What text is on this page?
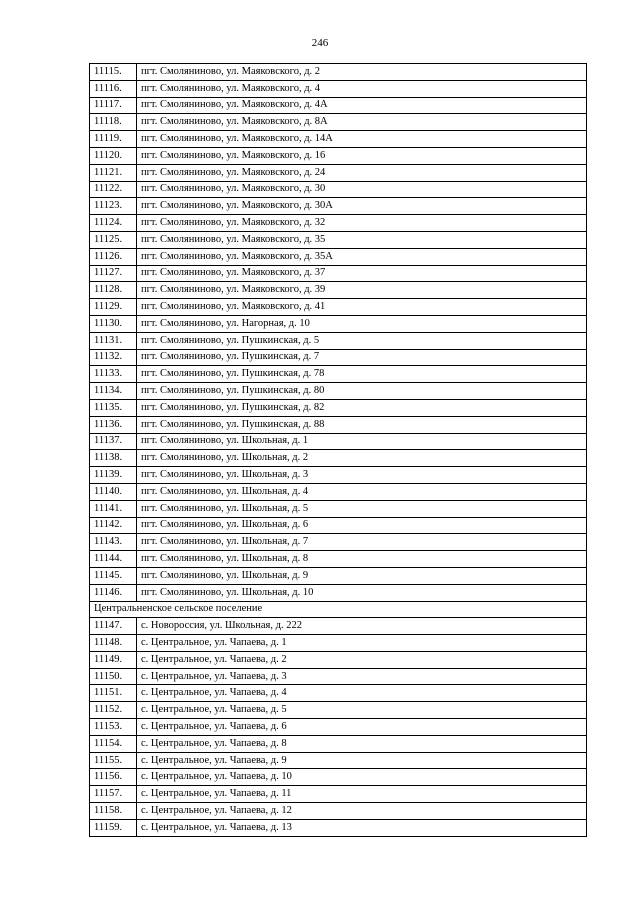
246
11115.	пгт. Смолянинoвo, ул. Маяковского, д. 2
11116.	пгт. Смолянинoвo, ул. Маяковского, д. 4
11117.	пгт. Смолянинoвo, ул. Маяковского, д. 4А
11118.	пгт. Смолянинoвo, ул. Маяковского, д. 8А
11119.	пгт. Смолянинoвo, ул. Маяковского, д. 14А
11120.	пгт. Смолянинoвo, ул. Маяковского, д. 16
11121.	пгт. Смолянинoвo, ул. Маяковского, д. 24
11122.	пгт. Смолянинoвo, ул. Маяковского, д. 30
11123.	пгт. Смолянинoвo, ул. Маяковского, д. 30А
11124.	пгт. Смолянинoвo, ул. Маяковского, д. 32
11125.	пгт. Смолянинoвo, ул. Маяковского, д. 35
11126.	пгт. Смолянинoвo, ул. Маяковского, д. 35А
11127.	пгт. Смолянинoвo, ул. Маяковского, д. 37
11128.	пгт. Смолянинoвo, ул. Маяковского, д. 39
11129.	пгт. Смолянинoвo, ул. Маяковского, д. 41
11130.	пгт. Смолянинoвo, ул. Нагорная, д. 10
11131.	пгт. Смолянинoвo, ул. Пушкинская, д. 5
11132.	пгт. Смолянинoвo, ул. Пушкинская, д. 7
11133.	пгт. Смолянинoвo, ул. Пушкинская, д. 78
11134.	пгт. Смолянинoвo, ул. Пушкинская, д. 80
11135.	пгт. Смолянинoвo, ул. Пушкинская, д. 82
11136.	пгт. Смолянинoвo, ул. Пушкинская, д. 88
11137.	пгт. Смолянинoвo, ул. Школьная, д. 1
11138.	пгт. Смолянинoвo, ул. Школьная, д. 2
11139.	пгт. Смолянинoвo, ул. Школьная, д. 3
11140.	пгт. Смолянинoвo, ул. Школьная, д. 4
11141.	пгт. Смолянинoвo, ул. Школьная, д. 5
11142.	пгт. Смолянинoвo, ул. Школьная, д. 6
11143.	пгт. Смолянинoвo, ул. Школьная, д. 7
11144.	пгт. Смолянинoвo, ул. Школьная, д. 8
11145.	пгт. Смолянинoвo, ул. Школьная, д. 9
11146.	пгт. Смолянинoвo, ул. Школьная, д. 10
Центральненское сельское поселение	
11147.	с. Новороссия, ул. Школьная, д. 222
11148.	с. Центральное, ул. Чапаева, д. 1
11149.	с. Центральное, ул. Чапаева, д. 2
11150.	с. Центральное, ул. Чапаева, д. 3
11151.	с. Центральное, ул. Чапаева, д. 4
11152.	с. Центральное, ул. Чапаева, д. 5
11153.	с. Центральное, ул. Чапаева, д. 6
11154.	с. Центральное, ул. Чапаева, д. 8
11155.	с. Центральное, ул. Чапаева, д. 9
11156.	с. Центральное, ул. Чапаева, д. 10
11157.	с. Центральное, ул. Чапаева, д. 11
11158.	с. Центральное, ул. Чапаева, д. 12
11159.	с. Центральное, ул. Чапаева, д. 13
